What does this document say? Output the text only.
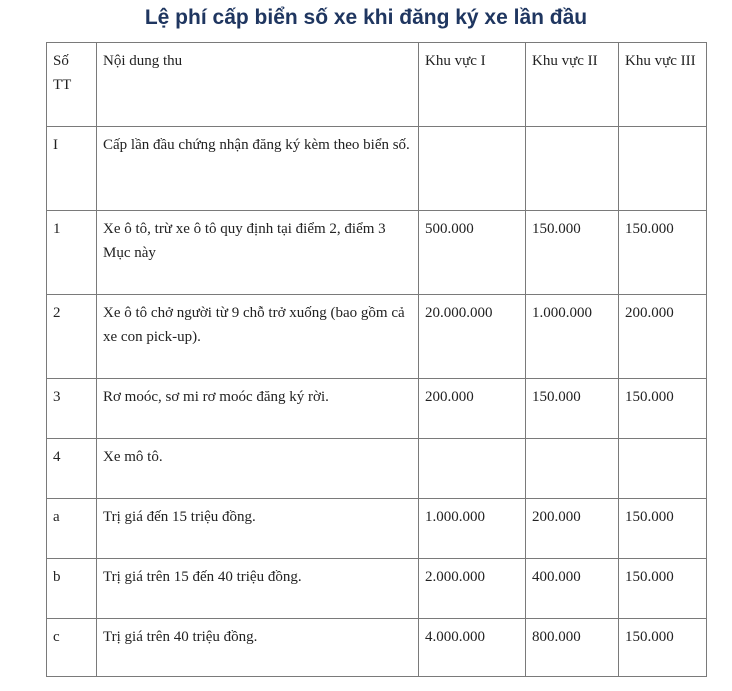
Lệ phí cấp biển số xe khi đăng ký xe lần đầu
Số TT	Nội dung thu	Khu vực I	Khu vực II	Khu vực III
I	Cấp lần đầu chứng nhận đăng ký kèm theo biển số.			
1	Xe ô tô, trừ xe ô tô quy định tại điểm 2, điểm 3 Mục này	500.000	150.000	150.000
2	Xe ô tô chở người từ 9 chỗ trở xuống (bao gồm cả xe con pick-up).	20.000.000	1.000.000	200.000
3	Rơ moóc, sơ mi rơ moóc đăng ký rời.	200.000	150.000	150.000
4	Xe mô tô.			
a	Trị giá đến 15 triệu đồng.	1.000.000	200.000	150.000
b	Trị giá trên 15 đến 40 triệu đồng.	2.000.000	400.000	150.000
c	Trị giá trên 40 triệu đồng.	4.000.000	800.000	150.000
